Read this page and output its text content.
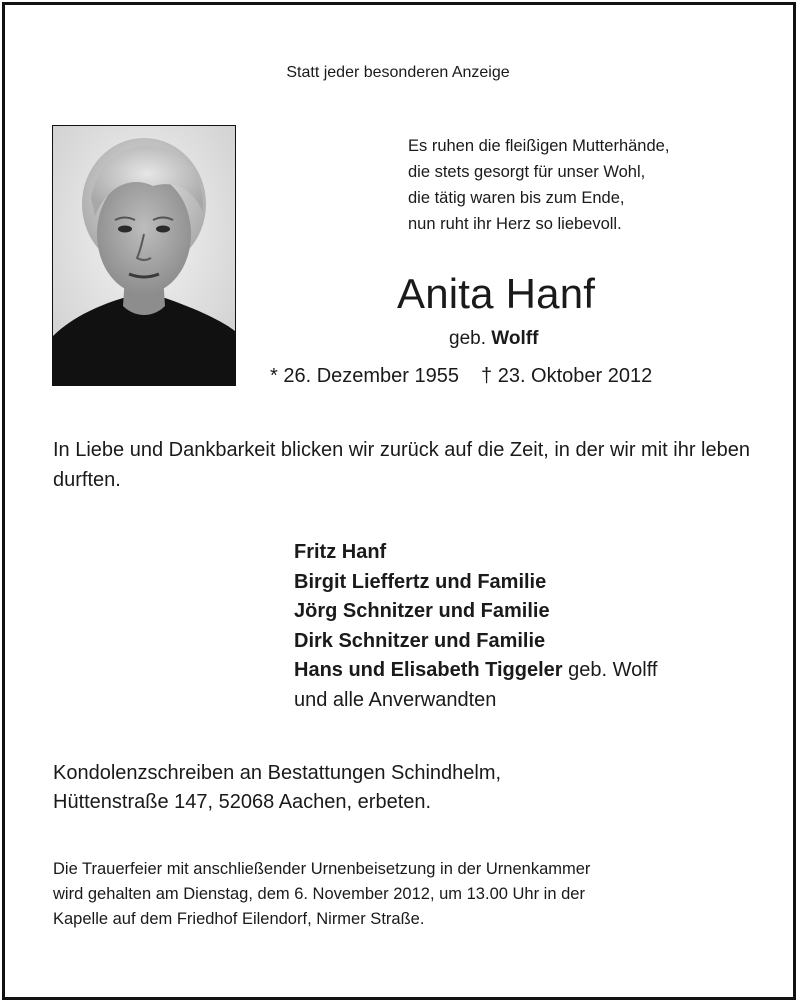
Statt jeder besonderen Anzeige
Es ruhen die fleißigen Mutterhände,
die stets gesorgt für unser Wohl,
die tätig waren bis zum Ende,
nun ruht ihr Herz so liebevoll.
Anita Hanf
geb. Wolff
* 26. Dezember 1955 † 23. Oktober 2012
In Liebe und Dankbarkeit blicken wir zurück auf die Zeit, in der wir mit ihr leben durften.
Fritz Hanf
Birgit Lieffertz und Familie
Jörg Schnitzer und Familie
Dirk Schnitzer und Familie
Hans und Elisabeth Tiggeler geb. Wolff
und alle Anverwandten
Kondolenzschreiben an Bestattungen Schindhelm,
Hüttenstraße 147, 52068 Aachen, erbeten.
Die Trauerfeier mit anschließender Urnenbeisetzung in der Urnenkammer
wird gehalten am Dienstag, dem 6. November 2012, um 13.00 Uhr in der
Kapelle auf dem Friedhof Eilendorf, Nirmer Straße.
